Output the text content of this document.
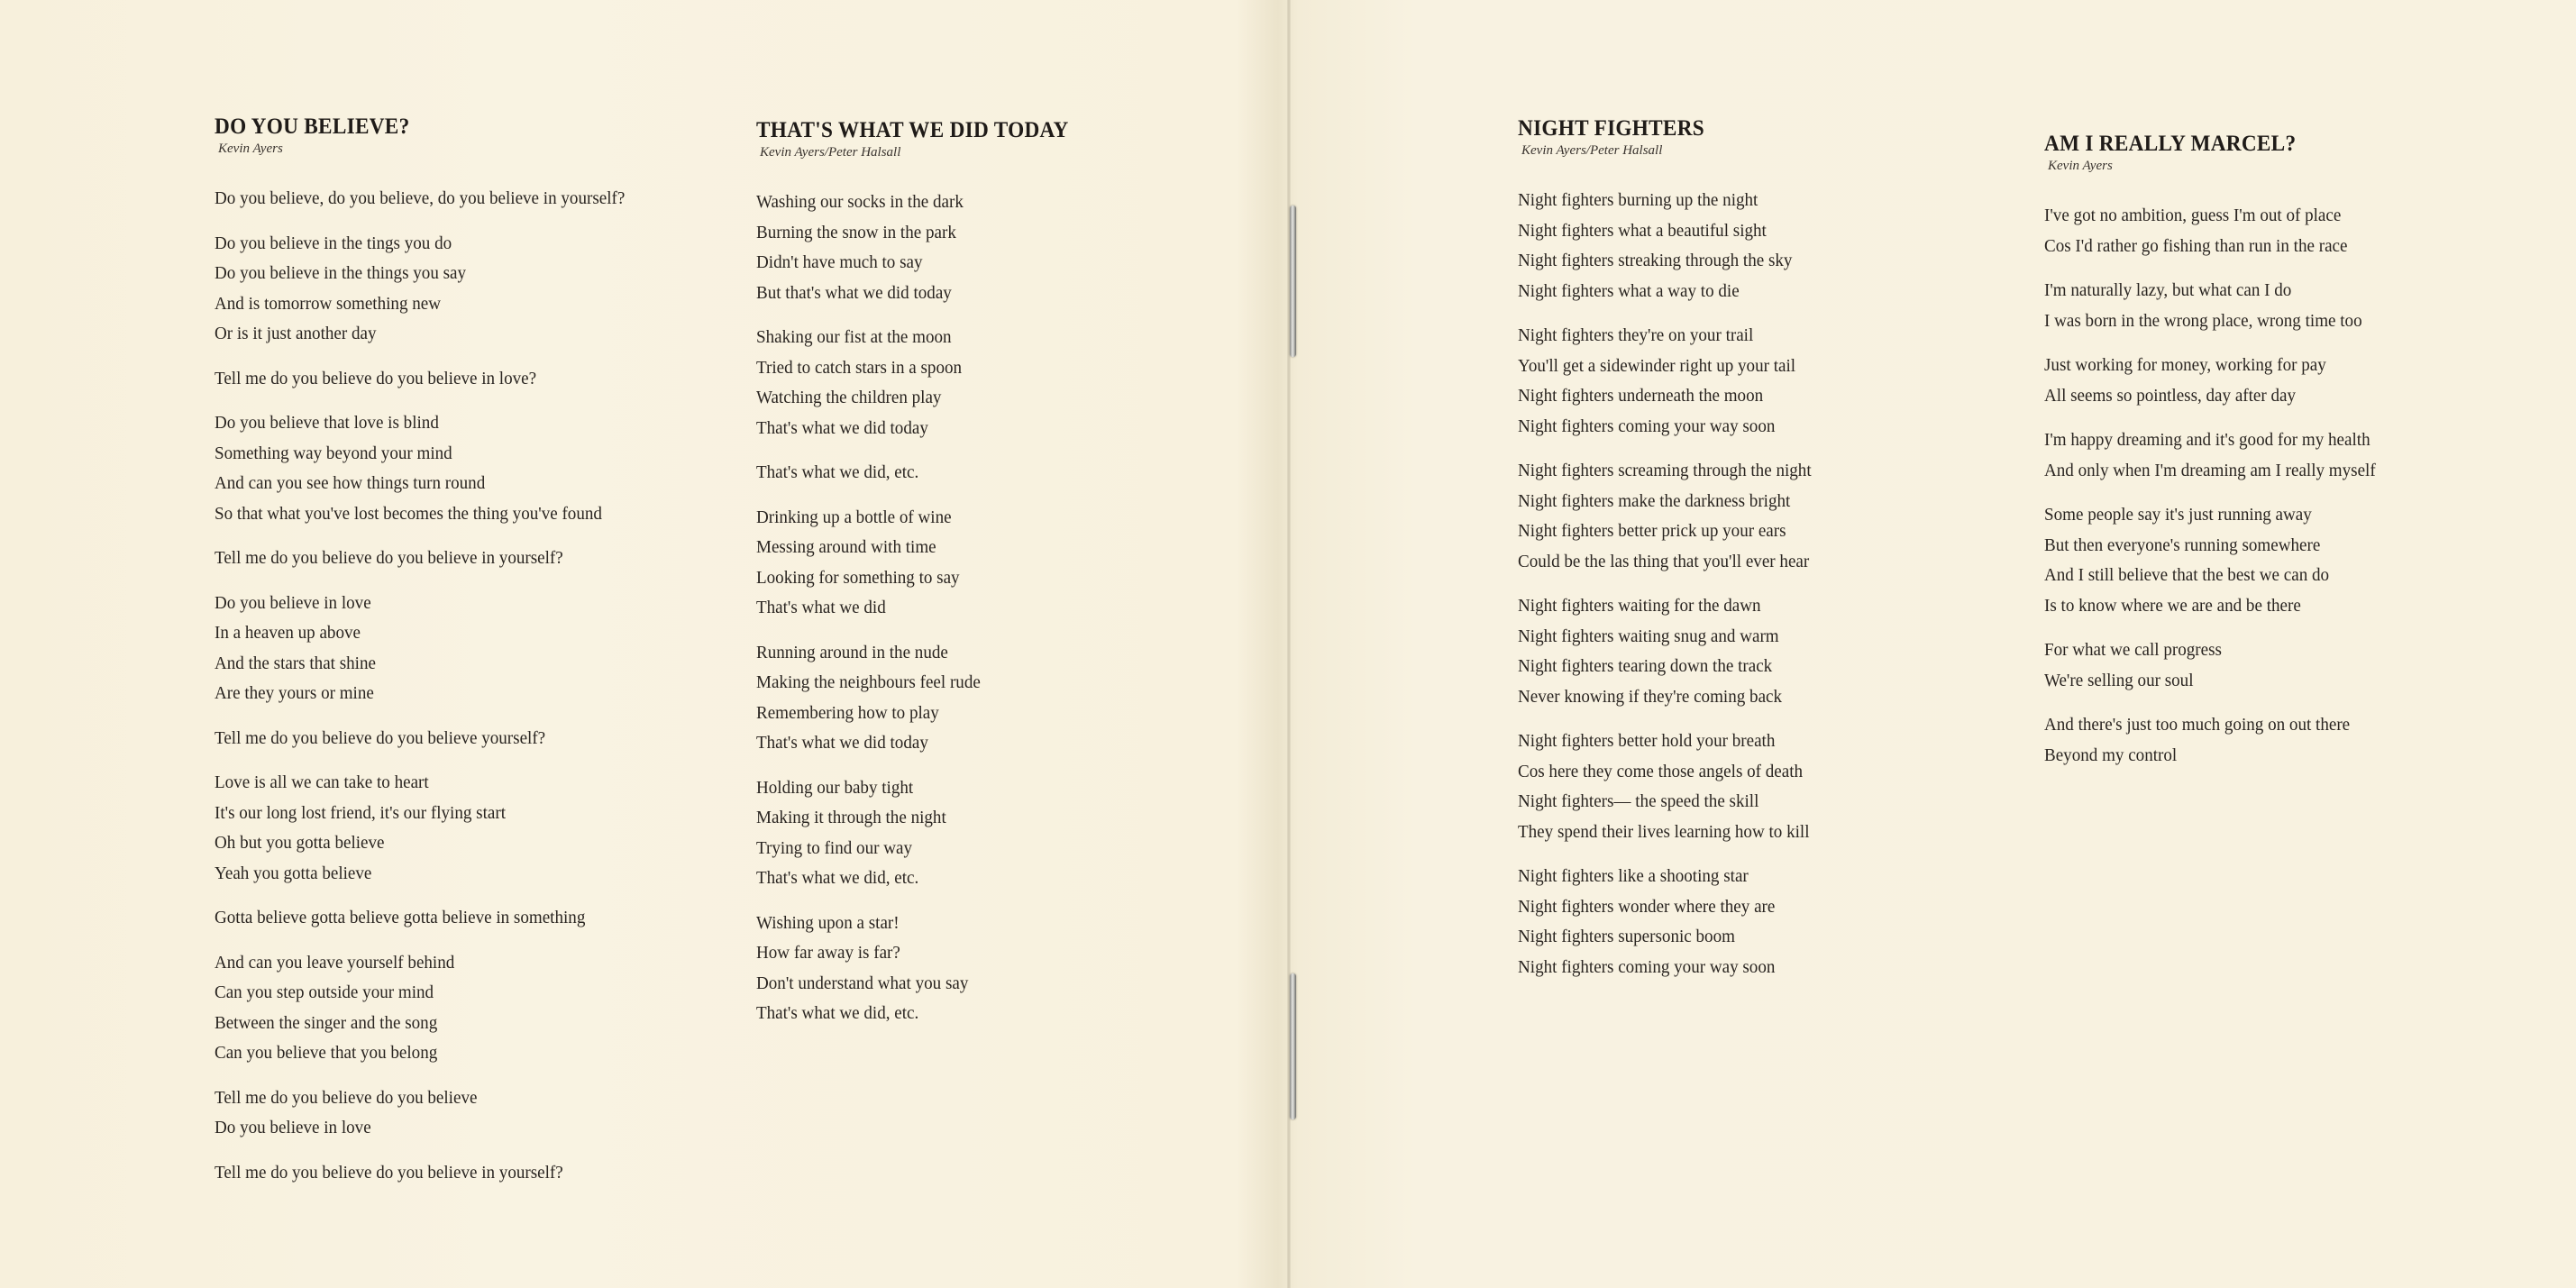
DO YOU BELIEVE?
Kevin Ayers
Do you believe, do you believe, do you believe in yourself?
Do you believe in the tings you do
Do you believe in the things you say
And is tomorrow something new
Or is it just another day
Tell me do you believe do you believe in love?
Do you believe that love is blind
Something way beyond your mind
And can you see how things turn round
So that what you've lost becomes the thing you've found
Tell me do you believe do you believe in yourself?
Do you believe in love
In a heaven up above
And the stars that shine
Are they yours or mine
Tell me do you believe do you believe yourself?
Love is all we can take to heart
It's our long lost friend, it's our flying start
Oh but you gotta believe
Yeah you gotta believe
Gotta believe gotta believe gotta believe in something
And can you leave yourself behind
Can you step outside your mind
Between the singer and the song
Can you believe that you belong
Tell me do you believe do you believe
Do you believe in love
Tell me do you believe do you believe in yourself?
THAT'S WHAT WE DID TODAY
Kevin Ayers/Peter Halsall
Washing our socks in the dark
Burning the snow in the park
Didn't have much to say
But that's what we did today
Shaking our fist at the moon
Tried to catch stars in a spoon
Watching the children play
That's what we did today
That's what we did, etc.
Drinking up a bottle of wine
Messing around with time
Looking for something to say
That's what we did
Running around in the nude
Making the neighbours feel rude
Remembering how to play
That's what we did today
Holding our baby tight
Making it through the night
Trying to find our way
That's what we did, etc.
Wishing upon a star!
How far away is far?
Don't understand what you say
That's what we did, etc.
NIGHT FIGHTERS
Kevin Ayers/Peter Halsall
Night fighters burning up the night
Night fighters what a beautiful sight
Night fighters streaking through the sky
Night fighters what a way to die
Night fighters they're on your trail
You'll get a sidewinder right up your tail
Night fighters underneath the moon
Night fighters coming your way soon
Night fighters screaming through the night
Night fighters make the darkness bright
Night fighters better prick up your ears
Could be the las thing that you'll ever hear
Night fighters waiting for the dawn
Night fighters waiting snug and warm
Night fighters tearing down the track
Never knowing if they're coming back
Night fighters better hold your breath
Cos here they come those angels of death
Night fighters— the speed the skill
They spend their lives learning how to kill
Night fighters like a shooting star
Night fighters wonder where they are
Night fighters supersonic boom
Night fighters coming your way soon
AM I REALLY MARCEL?
Kevin Ayers
I've got no ambition, guess I'm out of place
Cos I'd rather go fishing than run in the race
I'm naturally lazy, but what can I do
I was born in the wrong place, wrong time too
Just working for money, working for pay
All seems so pointless, day after day
I'm happy dreaming and it's good for my health
And only when I'm dreaming am I really myself
Some people say it's just running away
But then everyone's running somewhere
And I still believe that the best we can do
Is to know where we are and be there
For what we call progress
We're selling our soul
And there's just too much going on out there
Beyond my control
